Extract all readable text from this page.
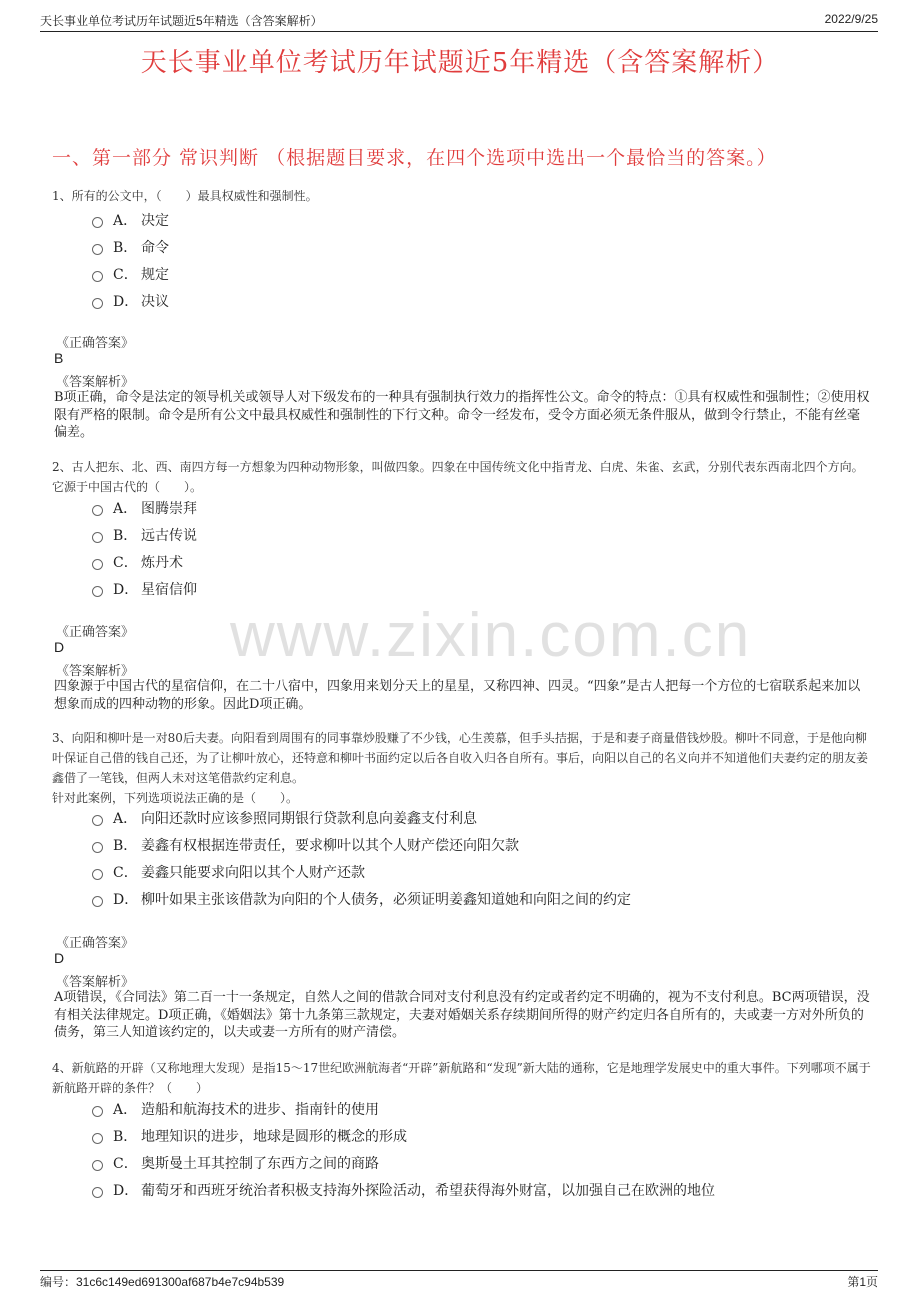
天长事业单位考试历年试题近5年精选（含答案解析）	2022/9/25
天长事业单位考试历年试题近5年精选（含答案解析）
一、第一部分 常识判断 （根据题目要求，在四个选项中选出一个最恰当的答案。）
www.zixin.com.cn
1、所有的公文中，（　　）最具权威性和强制性。
A． 决定
B． 命令
C． 规定
D． 决议
《正确答案》
B
《答案解析》
B项正确，命令是法定的领导机关或领导人对下级发布的一种具有强制执行效力的指挥性公文。命令的特点：①具有权威性和强制性；②使用权限有严格的限制。命令是所有公文中最具权威性和强制性的下行文种。命令一经发布，受令方面必须无条件服从，做到令行禁止，不能有丝毫偏差。
2、古人把东、北、西、南四方每一方想象为四种动物形象，叫做四象。四象在中国传统文化中指青龙、白虎、朱雀、玄武，分别代表东西南北四个方向。它源于中国古代的（　　）。
A． 图腾崇拜
B． 远古传说
C． 炼丹术
D． 星宿信仰
《正确答案》
D
《答案解析》
四象源于中国古代的星宿信仰，在二十八宿中，四象用来划分天上的星星，又称四神、四灵。“四象”是古人把每一个方位的七宿联系起来加以想象而成的四种动物的形象。因此D项正确。
3、向阳和柳叶是一对80后夫妻。向阳看到周围有的同事靠炒股赚了不少钱，心生羡慕，但手头拮据，于是和妻子商量借钱炒股。柳叶不同意，于是他向柳叶保证自己借的钱自己还，为了让柳叶放心，还特意和柳叶书面约定以后各自收入归各自所有。事后，向阳以自己的名义向并不知道他们夫妻约定的朋友姜鑫借了一笔钱，但两人未对这笔借款约定利息。
针对此案例，下列选项说法正确的是（　　）。
A． 向阳还款时应该参照同期银行贷款利息向姜鑫支付利息
B． 姜鑫有权根据连带责任，要求柳叶以其个人财产偿还向阳欠款
C． 姜鑫只能要求向阳以其个人财产还款
D． 柳叶如果主张该借款为向阳的个人债务，必须证明姜鑫知道她和向阳之间的约定
《正确答案》
D
《答案解析》
A项错误，《合同法》第二百一十一条规定，自然人之间的借款合同对支付利息没有约定或者约定不明确的，视为不支付利息。BC两项错误，没有相关法律规定。D项正确，《婚姻法》第十九条第三款规定，夫妻对婚姻关系存续期间所得的财产约定归各自所有的，夫或妻一方对外所负的债务，第三人知道该约定的，以夫或妻一方所有的财产清偿。
4、新航路的开辟（又称地理大发现）是指15～17世纪欧洲航海者“开辟”新航路和“发现”新大陆的通称，它是地理学发展史中的重大事件。下列哪项不属于新航路开辟的条件？（　　）
A． 造船和航海技术的进步、指南针的使用
B． 地理知识的进步，地球是圆形的概念的形成
C． 奥斯曼土耳其控制了东西方之间的商路
D． 葡萄牙和西班牙统治者积极支持海外探险活动，希望获得海外财富，以加强自己在欧洲的地位
编号：31c6c149ed691300af687b4e7c94b539	第1页
